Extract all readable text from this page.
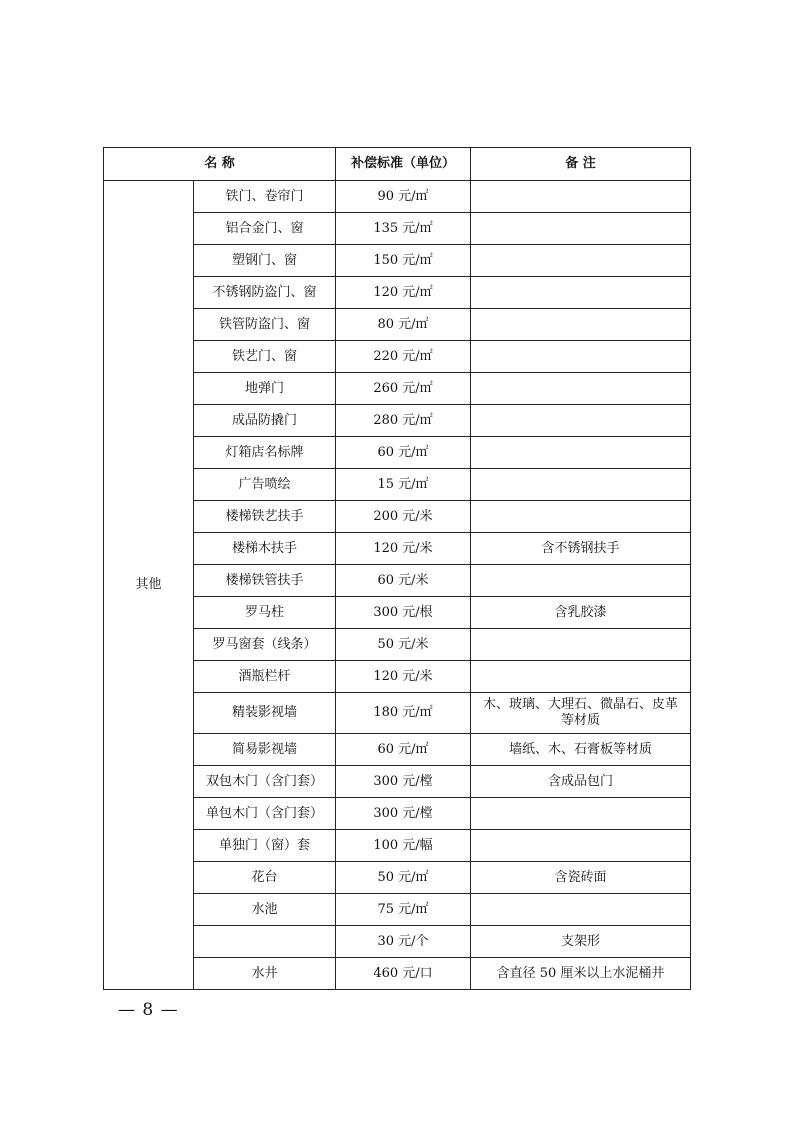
名 称		补偿标准（单位）	备 注
其他	铁门、卷帘门	90 元/㎡	
	铝合金门、窗	135 元/㎡	
	塑钢门、窗	150 元/㎡	
	不锈钢防盗门、窗	120 元/㎡	
	铁管防盗门、窗	80 元/㎡	
	铁艺门、窗	220 元/㎡	
	地弹门	260 元/㎡	
	成品防撬门	280 元/㎡	
	灯箱店名标牌	60 元/㎡	
	广告喷绘	15 元/㎡	
	楼梯铁艺扶手	200 元/米	
	楼梯木扶手	120 元/米	含不锈钢扶手
	楼梯铁管扶手	60 元/米	
	罗马柱	300 元/根	含乳胶漆
	罗马窗套（线条）	50 元/米	
	酒瓶栏杆	120 元/米	
	精装影视墙	180 元/㎡	木、玻璃、大理石、微晶石、皮革
等材质
	简易影视墙	60 元/㎡	墙纸、木、石膏板等材质
	双包木门（含门套）	300 元/樘	含成品包门
	单包木门（含门套）	300 元/樘	
	单独门（窗）套	100 元/幅	
	花台	50 元/㎡	含瓷砖面
	水池	75 元/㎡	
		30 元/个	支架形
	水井	460 元/口	含直径 50 厘米以上水泥桶井
— 8 —
